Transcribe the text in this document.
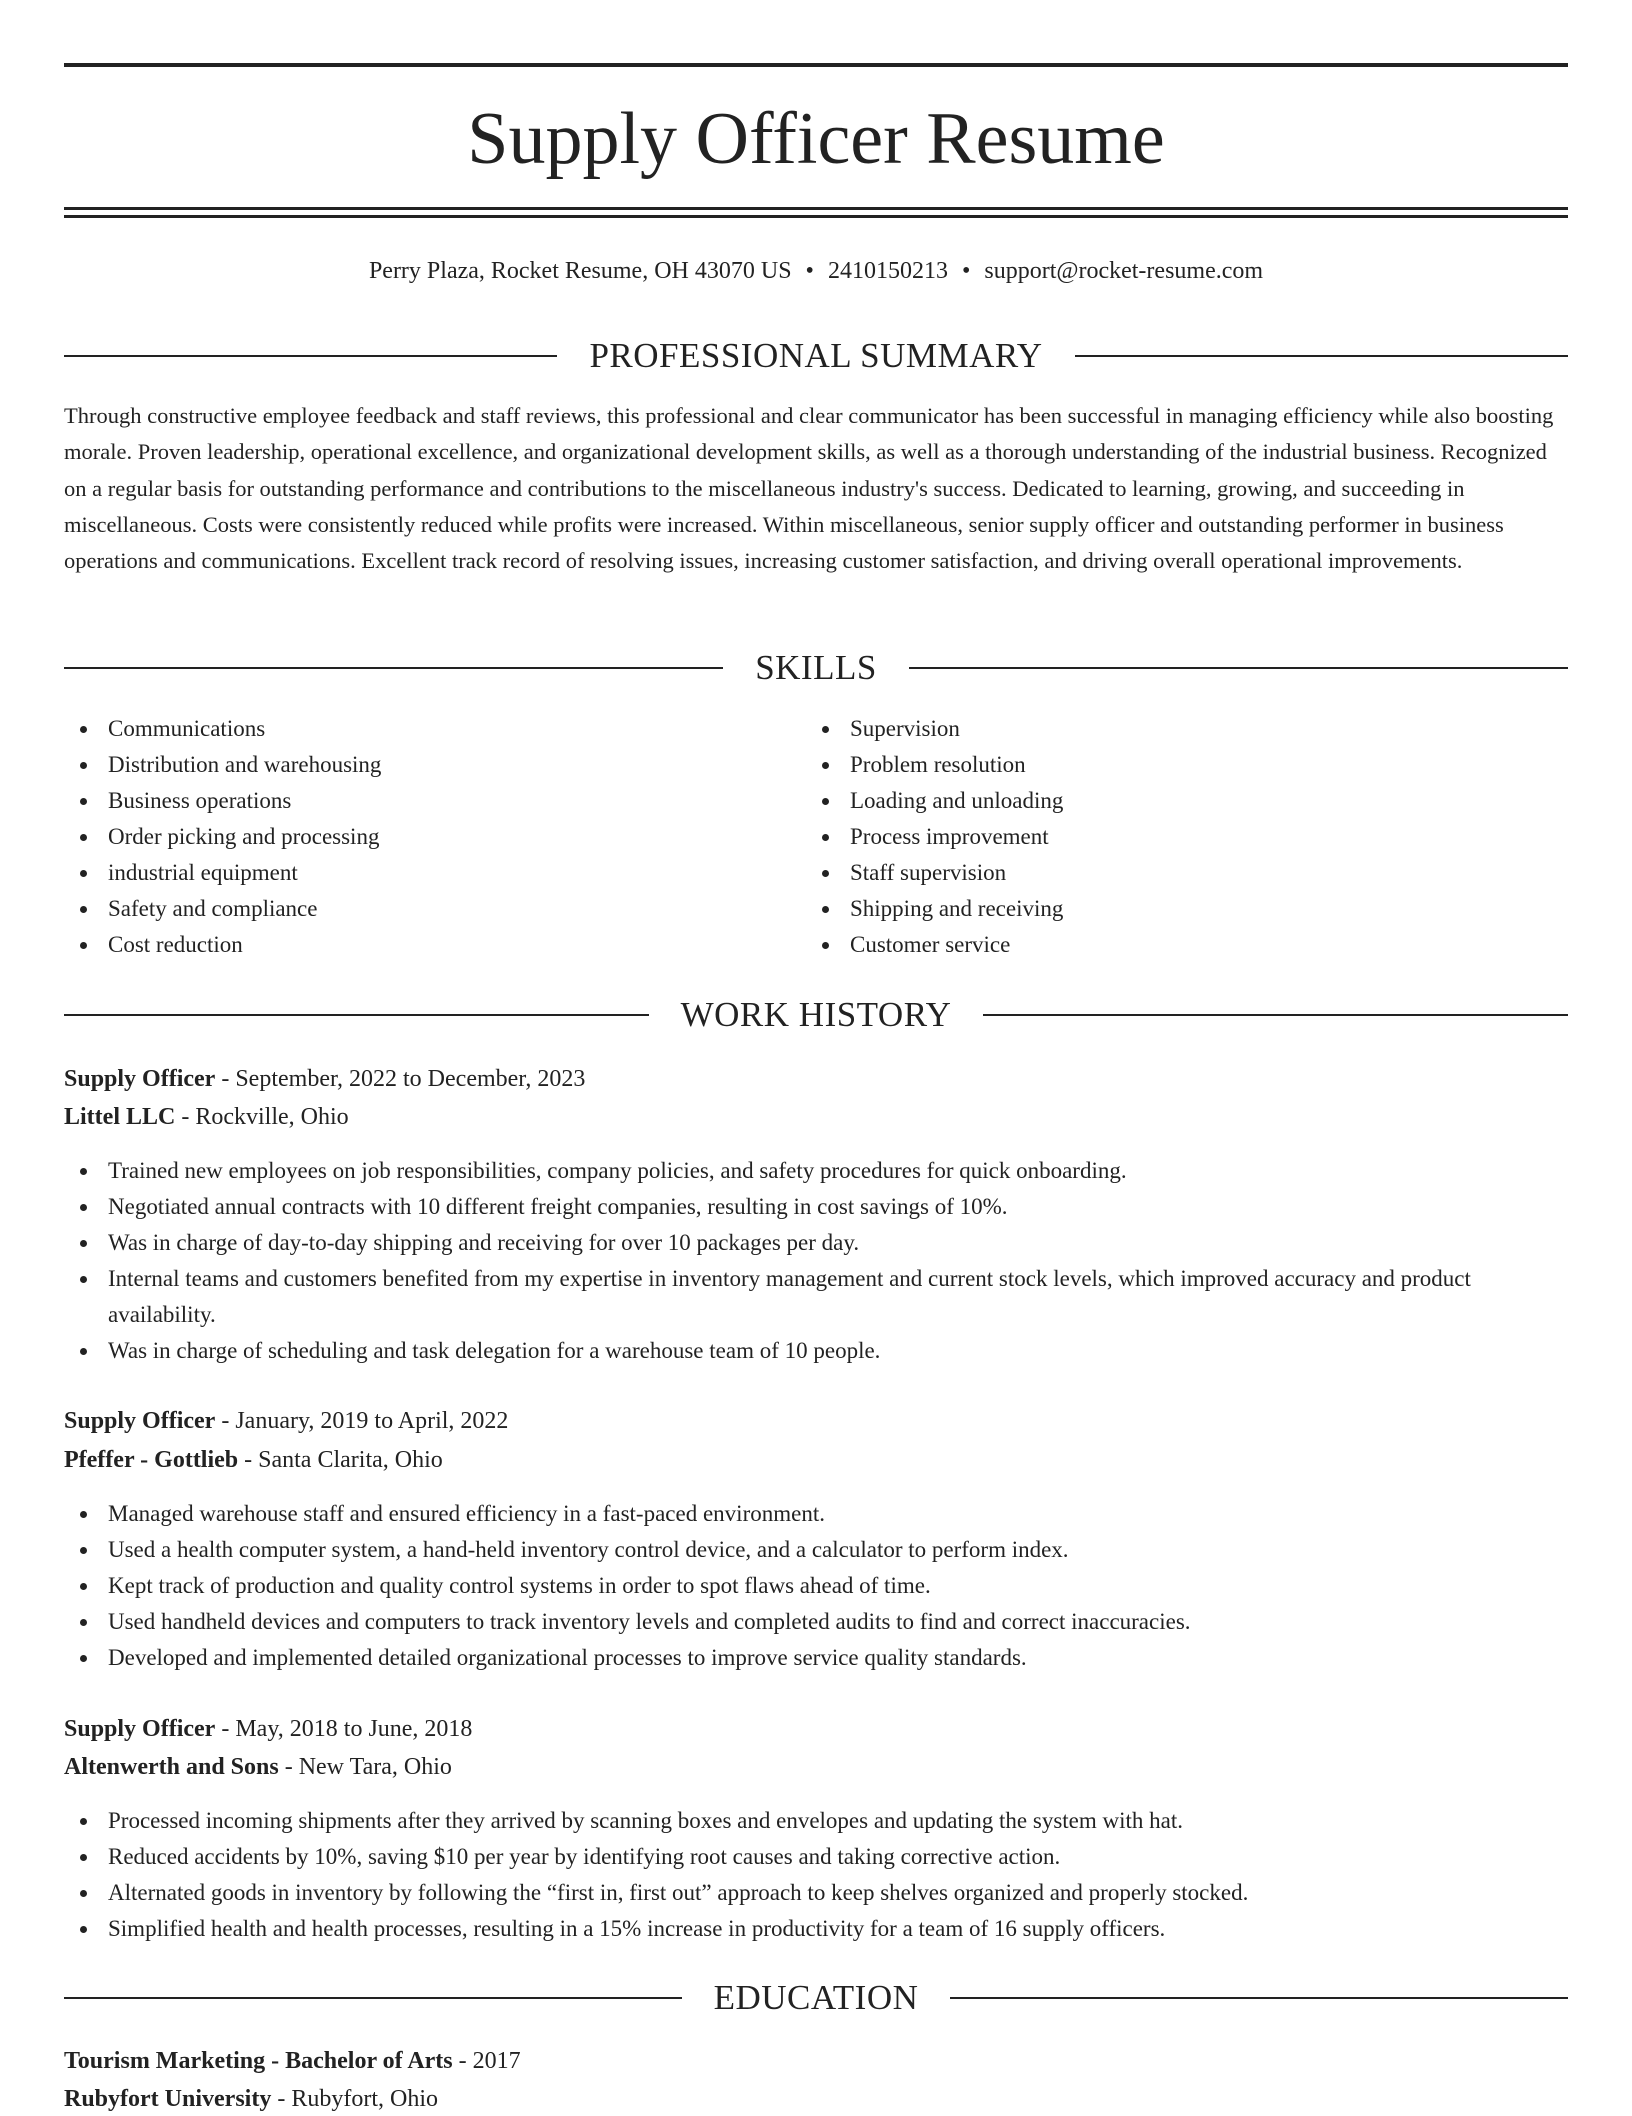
Supply Officer Resume
Perry Plaza, Rocket Resume, OH 43070 US • 2410150213 • support@rocket-resume.com
PROFESSIONAL SUMMARY

Through constructive employee feedback and staff reviews, this professional and clear communicator has been successful in managing efficiency while also boosting morale. Proven leadership, operational excellence, and organizational development skills, as well as a thorough understanding of the industrial business. Recognized on a regular basis for outstanding performance and contributions to the miscellaneous industry's success. Dedicated to learning, growing, and succeeding in miscellaneous. Costs were consistently reduced while profits were increased. Within miscellaneous, senior supply officer and outstanding performer in business operations and communications. Excellent track record of resolving issues, increasing customer satisfaction, and driving overall operational improvements.

SKILLS
Communications
Distribution and warehousing
Business operations
Order picking and processing
industrial equipment
Safety and compliance
Cost reduction
Supervision
Problem resolution
Loading and unloading
Process improvement
Staff supervision
Shipping and receiving
Customer service
WORK HISTORY

Supply Officer - September, 2022 to December, 2023

Littel LLC - Rockville, Ohio

Trained new employees on job responsibilities, company policies, and safety procedures for quick onboarding.
Negotiated annual contracts with 10 different freight companies, resulting in cost savings of 10%.
Was in charge of day-to-day shipping and receiving for over 10 packages per day.
Internal teams and customers benefited from my expertise in inventory management and current stock levels, which improved accuracy and product availability.
Was in charge of scheduling and task delegation for a warehouse team of 10 people.

Supply Officer - January, 2019 to April, 2022

Pfeffer - Gottlieb - Santa Clarita, Ohio

Managed warehouse staff and ensured efficiency in a fast-paced environment.
Used a health computer system, a hand-held inventory control device, and a calculator to perform index.
Kept track of production and quality control systems in order to spot flaws ahead of time.
Used handheld devices and computers to track inventory levels and completed audits to find and correct inaccuracies.
Developed and implemented detailed organizational processes to improve service quality standards.

Supply Officer - May, 2018 to June, 2018

Altenwerth and Sons - New Tara, Ohio

Processed incoming shipments after they arrived by scanning boxes and envelopes and updating the system with hat.
Reduced accidents by 10%, saving $10 per year by identifying root causes and taking corrective action.
Alternated goods in inventory by following the “first in, first out” approach to keep shelves organized and properly stocked.
Simplified health and health processes, resulting in a 15% increase in productivity for a team of 16 supply officers.
EDUCATION

Tourism Marketing - Bachelor of Arts - 2017

Rubyfort University - Rubyfort, Ohio
